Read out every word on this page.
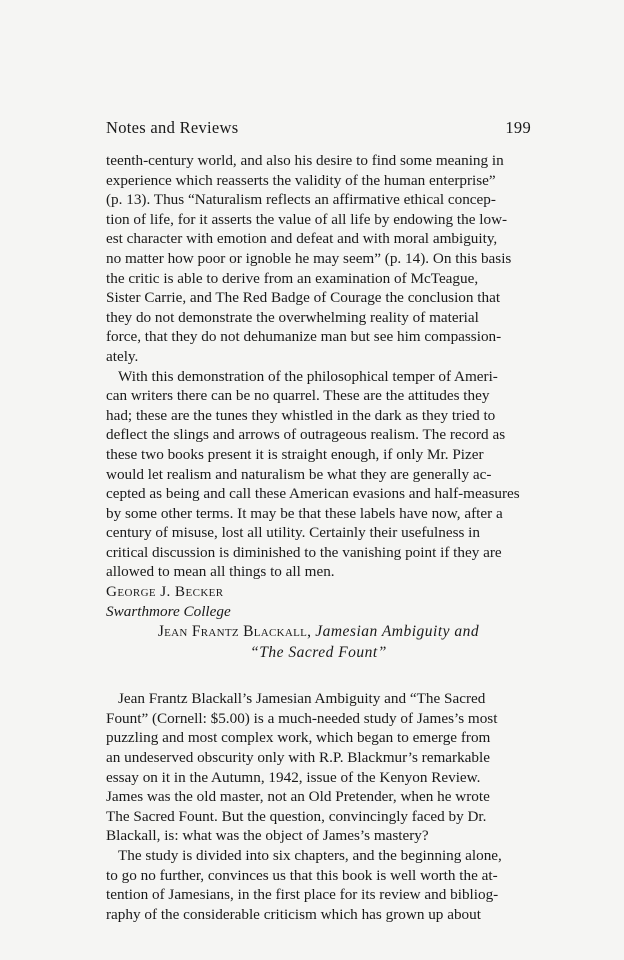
Notes and Reviews	199

teenth-century world, and also his desire to find some meaning in
experience which reasserts the validity of the human enterprise”
(p. 13). Thus “Naturalism reflects an affirmative ethical concep-
tion of life, for it asserts the value of all life by endowing the low-
est character with emotion and defeat and with moral ambiguity,
no matter how poor or ignoble he may seem” (p. 14). On this basis
the critic is able to derive from an examination of McTeague,
Sister Carrie, and The Red Badge of Courage the conclusion that
they do not demonstrate the overwhelming reality of material
force, that they do not dehumanize man but see him compassion-
ately.

With this demonstration of the philosophical temper of Ameri-
can writers there can be no quarrel. These are the attitudes they
had; these are the tunes they whistled in the dark as they tried to
deflect the slings and arrows of outrageous realism. The record as
these two books present it is straight enough, if only Mr. Pizer
would let realism and naturalism be what they are generally ac-
cepted as being and call these American evasions and half-measures
by some other terms. It may be that these labels have now, after a
century of misuse, lost all utility. Certainly their usefulness in
critical discussion is diminished to the vanishing point if they are
allowed to mean all things to all men.

George J. Becker

Swarthmore College

Jean Frantz Blackall, Jamesian Ambiguity and
“The Sacred Fount”

Jean Frantz Blackall’s Jamesian Ambiguity and “The Sacred
Fount” (Cornell: $5.00) is a much-needed study of James’s most
puzzling and most complex work, which began to emerge from
an undeserved obscurity only with R.P. Blackmur’s remarkable
essay on it in the Autumn, 1942, issue of the Kenyon Review.
James was the old master, not an Old Pretender, when he wrote
The Sacred Fount. But the question, convincingly faced by Dr.
Blackall, is: what was the object of James’s mastery?

The study is divided into six chapters, and the beginning alone,
to go no further, convinces us that this book is well worth the at-
tention of Jamesians, in the first place for its review and bibliog-
raphy of the considerable criticism which has grown up about
